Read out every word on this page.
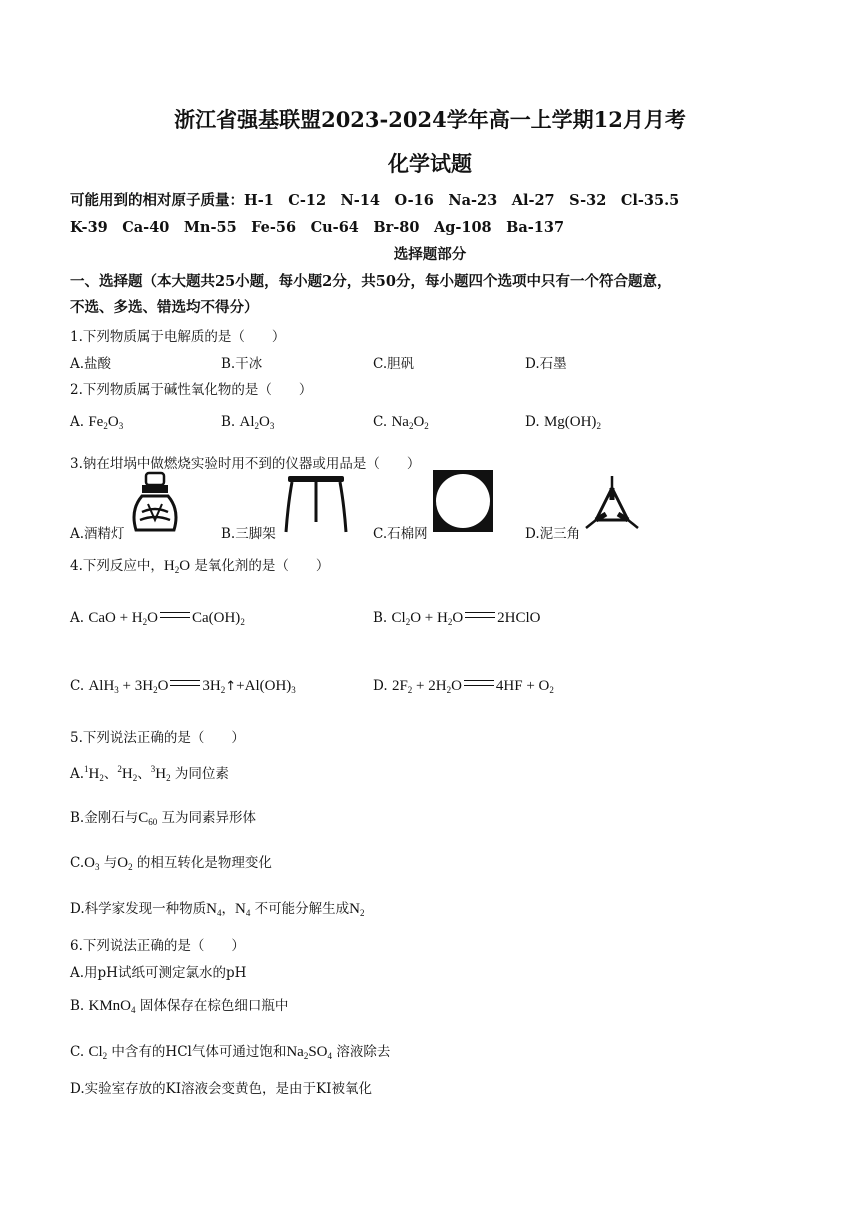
浙江省强基联盟2023-2024学年高一上学期12月月考
化学试题
可能用到的相对原子质量：H-1　C-12　N-14　O-16　Na-23　Al-27　S-32　Cl-35.5
K-39　Ca-40　Mn-55　Fe-56　Cu-64　Br-80　Ag-108　Ba-137
选择题部分
一、选择题（本大题共25小题，每小题2分，共50分，每小题四个选项中只有一个符合题意，
不选、多选、错选均不得分）
1.下列物质属于电解质的是（　　）
A.盐酸	B.干冰	C.胆矾	D.石墨
2.下列物质属于碱性氧化物的是（　　）
A. $Fe_2O_3$	B. $Al_2O_3$	C. $Na_2O_2$	D. $Mg(OH)_2$
3.钠在坩埚中做燃烧实验时用不到的仪器或用品是（　　）
A.酒精灯	B.三脚架	C.石棉网	D.泥三角
4.下列反应中，$H_2O$ 是氧化剂的是（　　）
A. CaO + $H_2O$ $Ca(OH)_2$	B. $Cl_2O + H_2O$ 2HClO
C. $AlH_3 + 3H_2O$ $3H_2↑+Al(OH)_3$	D. $2F_2 + 2H_2O$ $4HF + O_2$
5.下列说法正确的是（　　）
$A.^1H_2$、$^2H_2$、$^3H_2$ 为同位素
B.金刚石与$C_{60}$ 互为同素异形体
$C.O_3$ 与$O_2$ 的相互转化是物理变化
D.科学家发现一种物质$N_4$，$N_4$ 不可能分解生成$N_2$
6.下列说法正确的是（　　）
A.用pH试纸可测定氯水的pH
B. KMnO$_4$ 固体保存在棕色细口瓶中
C. $Cl_2$ 中含有的HCl气体可通过饱和$Na_2SO_4$ 溶液除去
D.实验室存放的KI溶液会变黄色，是由于KI被氧化
